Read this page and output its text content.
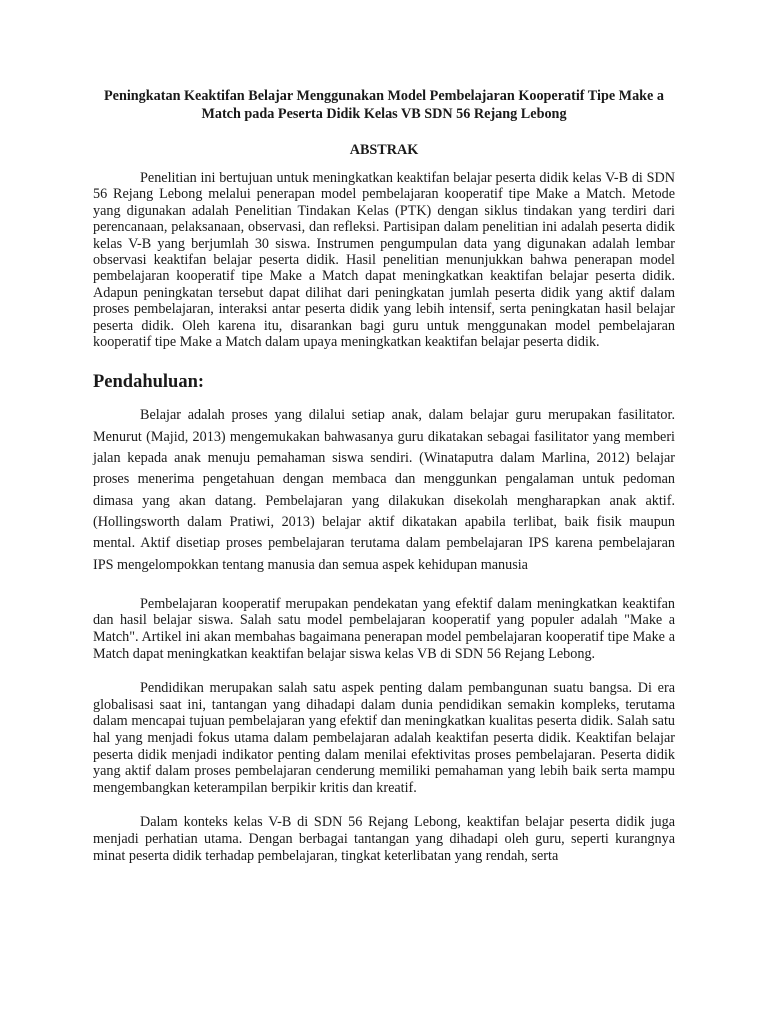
Peningkatan Keaktifan Belajar Menggunakan Model Pembelajaran Kooperatif Tipe Make a Match pada Peserta Didik Kelas VB SDN 56 Rejang Lebong
ABSTRAK

Penelitian ini bertujuan untuk meningkatkan keaktifan belajar peserta didik kelas V-B di SDN 56 Rejang Lebong melalui penerapan model pembelajaran kooperatif tipe Make a Match. Metode yang digunakan adalah Penelitian Tindakan Kelas (PTK) dengan siklus tindakan yang terdiri dari perencanaan, pelaksanaan, observasi, dan refleksi. Partisipan dalam penelitian ini adalah peserta didik kelas V-B yang berjumlah 30 siswa. Instrumen pengumpulan data yang digunakan adalah lembar observasi keaktifan belajar peserta didik. Hasil penelitian menunjukkan bahwa penerapan model pembelajaran kooperatif tipe Make a Match dapat meningkatkan keaktifan belajar peserta didik. Adapun peningkatan tersebut dapat dilihat dari peningkatan jumlah peserta didik yang aktif dalam proses pembelajaran, interaksi antar peserta didik yang lebih intensif, serta peningkatan hasil belajar peserta didik. Oleh karena itu, disarankan bagi guru untuk menggunakan model pembelajaran kooperatif tipe Make a Match dalam upaya meningkatkan keaktifan belajar peserta didik.

Pendahuluan:

Belajar adalah proses yang dilalui setiap anak, dalam belajar guru merupakan fasilitator. Menurut (Majid, 2013) mengemukakan bahwasanya guru dikatakan sebagai fasilitator yang memberi jalan kepada anak menuju pemahaman siswa sendiri. (Winataputra dalam Marlina, 2012) belajar proses menerima pengetahuan dengan membaca dan menggunkan pengalaman untuk pedoman dimasa yang akan datang. Pembelajaran yang dilakukan disekolah mengharapkan anak aktif. (Hollingsworth dalam Pratiwi, 2013) belajar aktif dikatakan apabila terlibat, baik fisik maupun mental. Aktif disetiap proses pembelajaran terutama dalam pembelajaran IPS karena pembelajaran IPS mengelompokkan tentang manusia dan semua aspek kehidupan manusia

Pembelajaran kooperatif merupakan pendekatan yang efektif dalam meningkatkan keaktifan dan hasil belajar siswa. Salah satu model pembelajaran kooperatif yang populer adalah "Make a Match". Artikel ini akan membahas bagaimana penerapan model pembelajaran kooperatif tipe Make a Match dapat meningkatkan keaktifan belajar siswa kelas VB di SDN 56 Rejang Lebong.

Pendidikan merupakan salah satu aspek penting dalam pembangunan suatu bangsa. Di era globalisasi saat ini, tantangan yang dihadapi dalam dunia pendidikan semakin kompleks, terutama dalam mencapai tujuan pembelajaran yang efektif dan meningkatkan kualitas peserta didik. Salah satu hal yang menjadi fokus utama dalam pembelajaran adalah keaktifan peserta didik. Keaktifan belajar peserta didik menjadi indikator penting dalam menilai efektivitas proses pembelajaran. Peserta didik yang aktif dalam proses pembelajaran cenderung memiliki pemahaman yang lebih baik serta mampu mengembangkan keterampilan berpikir kritis dan kreatif.

Dalam konteks kelas V-B di SDN 56 Rejang Lebong, keaktifan belajar peserta didik juga menjadi perhatian utama. Dengan berbagai tantangan yang dihadapi oleh guru, seperti kurangnya minat peserta didik terhadap pembelajaran, tingkat keterlibatan yang rendah, serta
